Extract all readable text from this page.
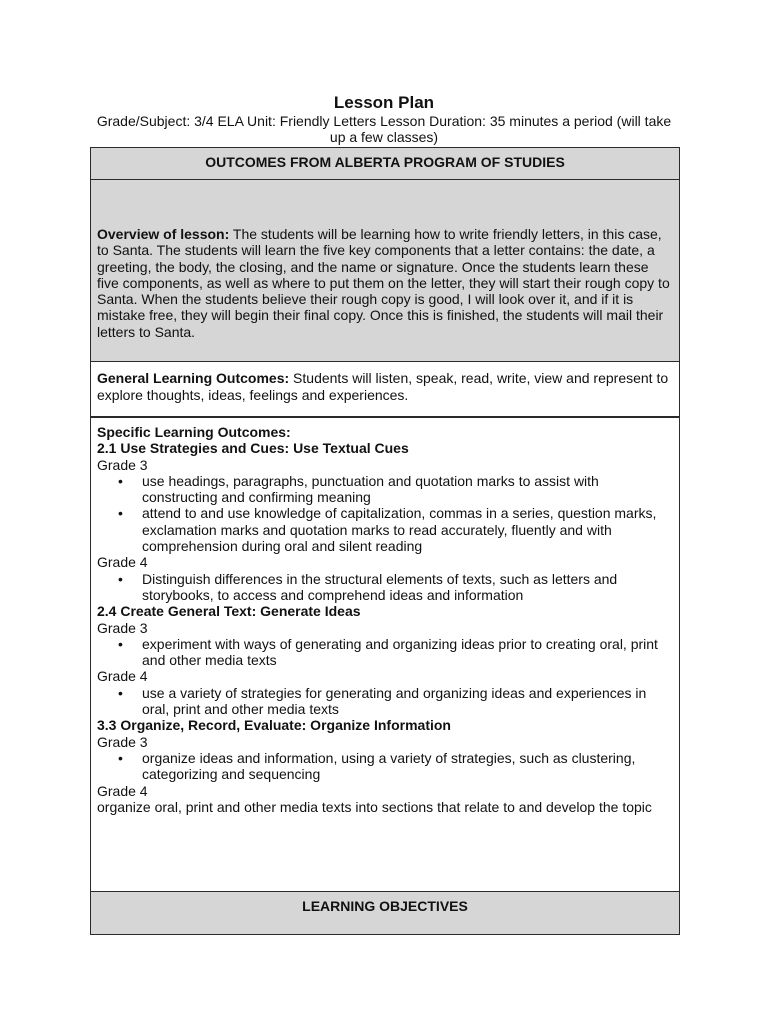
Lesson Plan
Grade/Subject: 3/4 ELA Unit: Friendly Letters Lesson Duration: 35 minutes a period (will take
up a few classes)
OUTCOMES FROM ALBERTA PROGRAM OF STUDIES
Overview of lesson: The students will be learning how to write friendly letters, in this case, to Santa. The students will learn the five key components that a letter contains: the date, a greeting, the body, the closing, and the name or signature. Once the students learn these five components, as well as where to put them on the letter, they will start their rough copy to Santa. When the students believe their rough copy is good, I will look over it, and if it is mistake free, they will begin their final copy. Once this is finished, the students will mail their letters to Santa.
General Learning Outcomes: Students will listen, speak, read, write, view and represent to explore thoughts, ideas, feelings and experiences.
Specific Learning Outcomes:
2.1 Use Strategies and Cues: Use Textual Cues
Grade 3
• use headings, paragraphs, punctuation and quotation marks to assist with constructing and confirming meaning
• attend to and use knowledge of capitalization, commas in a series, question marks, exclamation marks and quotation marks to read accurately, fluently and with comprehension during oral and silent reading
Grade 4
• Distinguish differences in the structural elements of texts, such as letters and storybooks, to access and comprehend ideas and information
2.4 Create General Text: Generate Ideas
Grade 3
• experiment with ways of generating and organizing ideas prior to creating oral, print and other media texts
Grade 4
• use a variety of strategies for generating and organizing ideas and experiences in oral, print and other media texts
3.3 Organize, Record, Evaluate: Organize Information
Grade 3
• organize ideas and information, using a variety of strategies, such as clustering, categorizing and sequencing
Grade 4
organize oral, print and other media texts into sections that relate to and develop the topic
LEARNING OBJECTIVES
